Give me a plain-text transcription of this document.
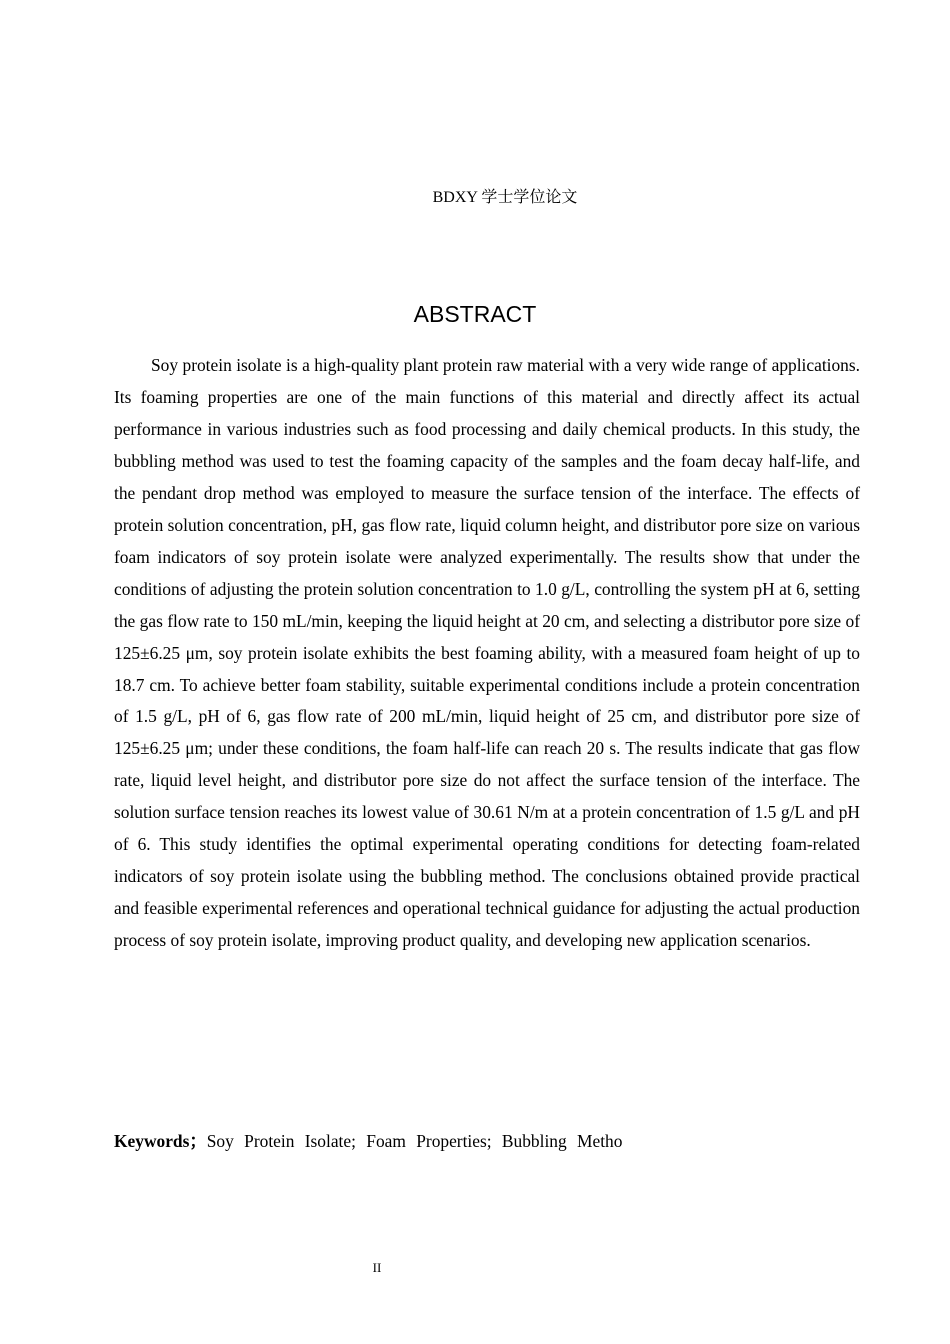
BDXY 学士学位论文
ABSTRACT

Soy protein isolate is a high-quality plant protein raw material with a very wide range of applications. Its foaming properties are one of the main functions of this material and directly affect its actual performance in various industries such as food processing and daily chemical products. In this study, the bubbling method was used to test the foaming capacity of the samples and the foam decay half-life, and the pendant drop method was employed to measure the surface tension of the interface. The effects of protein solution concentration, pH, gas flow rate, liquid column height, and distributor pore size on various foam indicators of soy protein isolate were analyzed experimentally. The results show that under the conditions of adjusting the protein solution concentration to 1.0 g/L, controlling the system pH at 6, setting the gas flow rate to 150 mL/min, keeping the liquid height at 20 cm, and selecting a distributor pore size of 125±6.25 μm, soy protein isolate exhibits the best foaming ability, with a measured foam height of up to 18.7 cm. To achieve better foam stability, suitable experimental conditions include a protein concentration of 1.5 g/L, pH of 6, gas flow rate of 200 mL/min, liquid height of 25 cm, and distributor pore size of 125±6.25 μm; under these conditions, the foam half-life can reach 20 s. The results indicate that gas flow rate, liquid level height, and distributor pore size do not affect the surface tension of the interface. The solution surface tension reaches its lowest value of 30.61 N/m at a protein concentration of 1.5 g/L and pH of 6. This study identifies the optimal experimental operating conditions for detecting foam-related indicators of soy protein isolate using the bubbling method. The conclusions obtained provide practical and feasible experimental references and operational technical guidance for adjusting the actual production process of soy protein isolate, improving product quality, and developing new application scenarios.

Keywords；Soy Protein Isolate; Foam Properties; Bubbling Metho
II
